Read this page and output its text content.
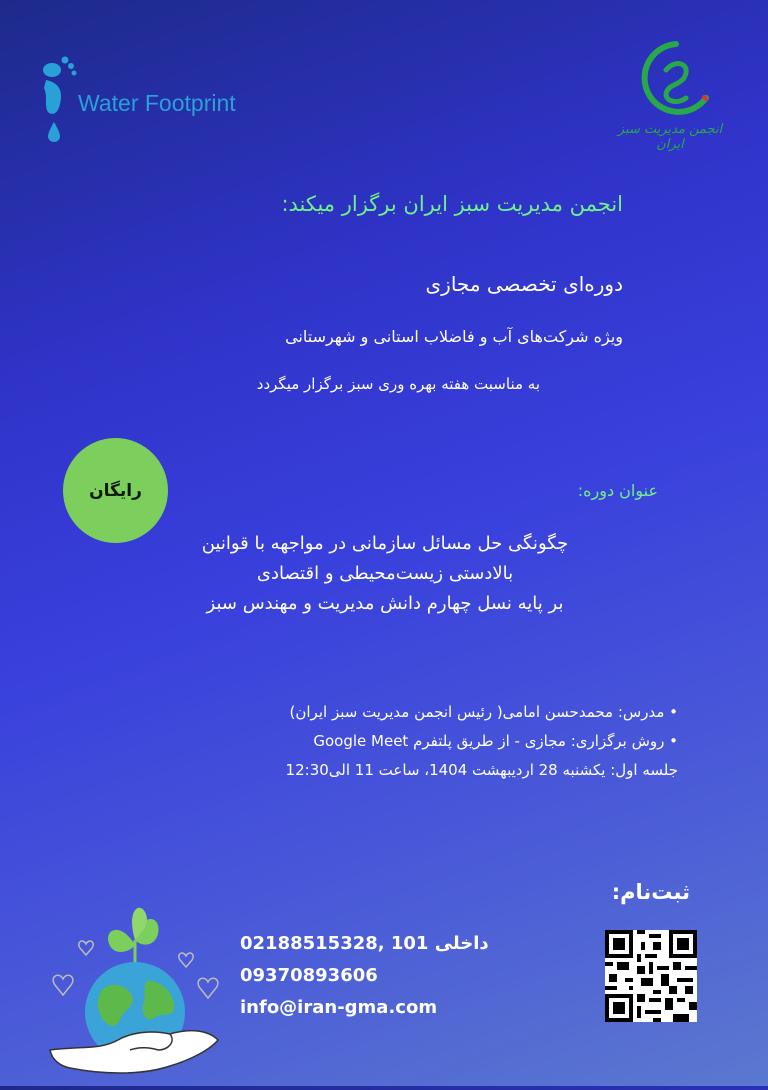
Water Footprint
انجمن مدیریت سبز ایران
انجمن مدیریت سبز ایران برگزار میکند:
دوره‌ای تخصصی مجازی
ویژه شرکت‌های آب و فاضلاب استانی و شهرستانی
به مناسبت هفته بهره وری سبز برگزار میگردد
رایگان	عنوان دوره:
چگونگی حل مسائل سازمانی در مواجهه با قوانین
بالادستی زیست‌محیطی و اقتصادی
بر پایه نسل چهارم دانش مدیریت و مهندس سبز
• مدرس: محمدحسن امامی( رئیس انجمن مدیریت سبز ایران)
• روش برگزاری: مجازی - از طریق پلتفرم Google Meet
جلسه اول: یکشنبه 28 اردیبهشت 1404، ساعت 11 الی12:30
ثبت‌نام:
02188515328, 101 داخلی
09370893606
info@iran-gma.com
